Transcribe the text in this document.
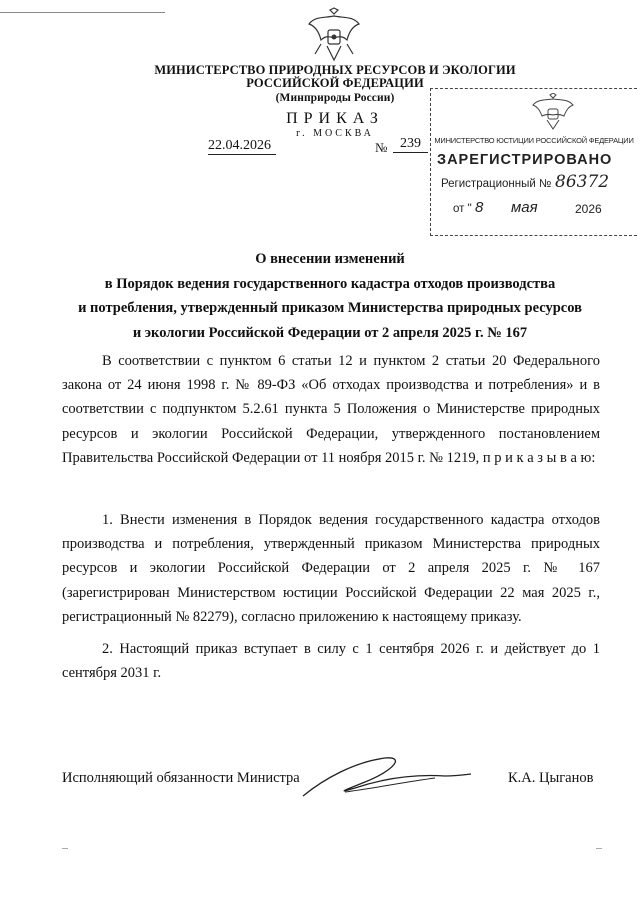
МИНИСТЕРСТВО ПРИРОДНЫХ РЕСУРСОВ И ЭКОЛОГИИ
РОССИЙСКОЙ ФЕДЕРАЦИИ
(Минприроды России)
ПРИКАЗ
г. МОСКВА
22.04.2026	№ 239	МИНИСТЕРСТВО ЮСТИЦИИ РОССИЙСКОЙ ФЕДЕРАЦИИ
ЗАРЕГИСТРИРОВАНО
Регистрационный № 86372
от " 8 мая	2026
О внесении изменений
в Порядок ведения государственного кадастра отходов производства
и потребления, утвержденный приказом Министерства природных ресурсов
и экологии Российской Федерации от 2 апреля 2025 г. № 167

В соответствии с пунктом 6 статьи 12 и пунктом 2 статьи 20 Федерального закона от 24 июня 1998 г. № 89-ФЗ «Об отходах производства и потребления» и в соответствии с подпунктом 5.2.61 пункта 5 Положения о Министерстве природных ресурсов и экологии Российской Федерации, утвержденного постановлением Правительства Российской Федерации от 11 ноября 2015 г. № 1219, п р и к а з ы в а ю:

1. Внести изменения в Порядок ведения государственного кадастра отходов производства и потребления, утвержденный приказом Министерства природных ресурсов и экологии Российской Федерации от 2 апреля 2025 г. № 167 (зарегистрирован Министерством юстиции Российской Федерации 22 мая 2025 г., регистрационный № 82279), согласно приложению к настоящему приказу.

2. Настоящий приказ вступает в силу с 1 сентября 2026 г. и действует до 1 сентября 2031 г.

Исполняющий обязанности Министра	К.А. Цыганов
